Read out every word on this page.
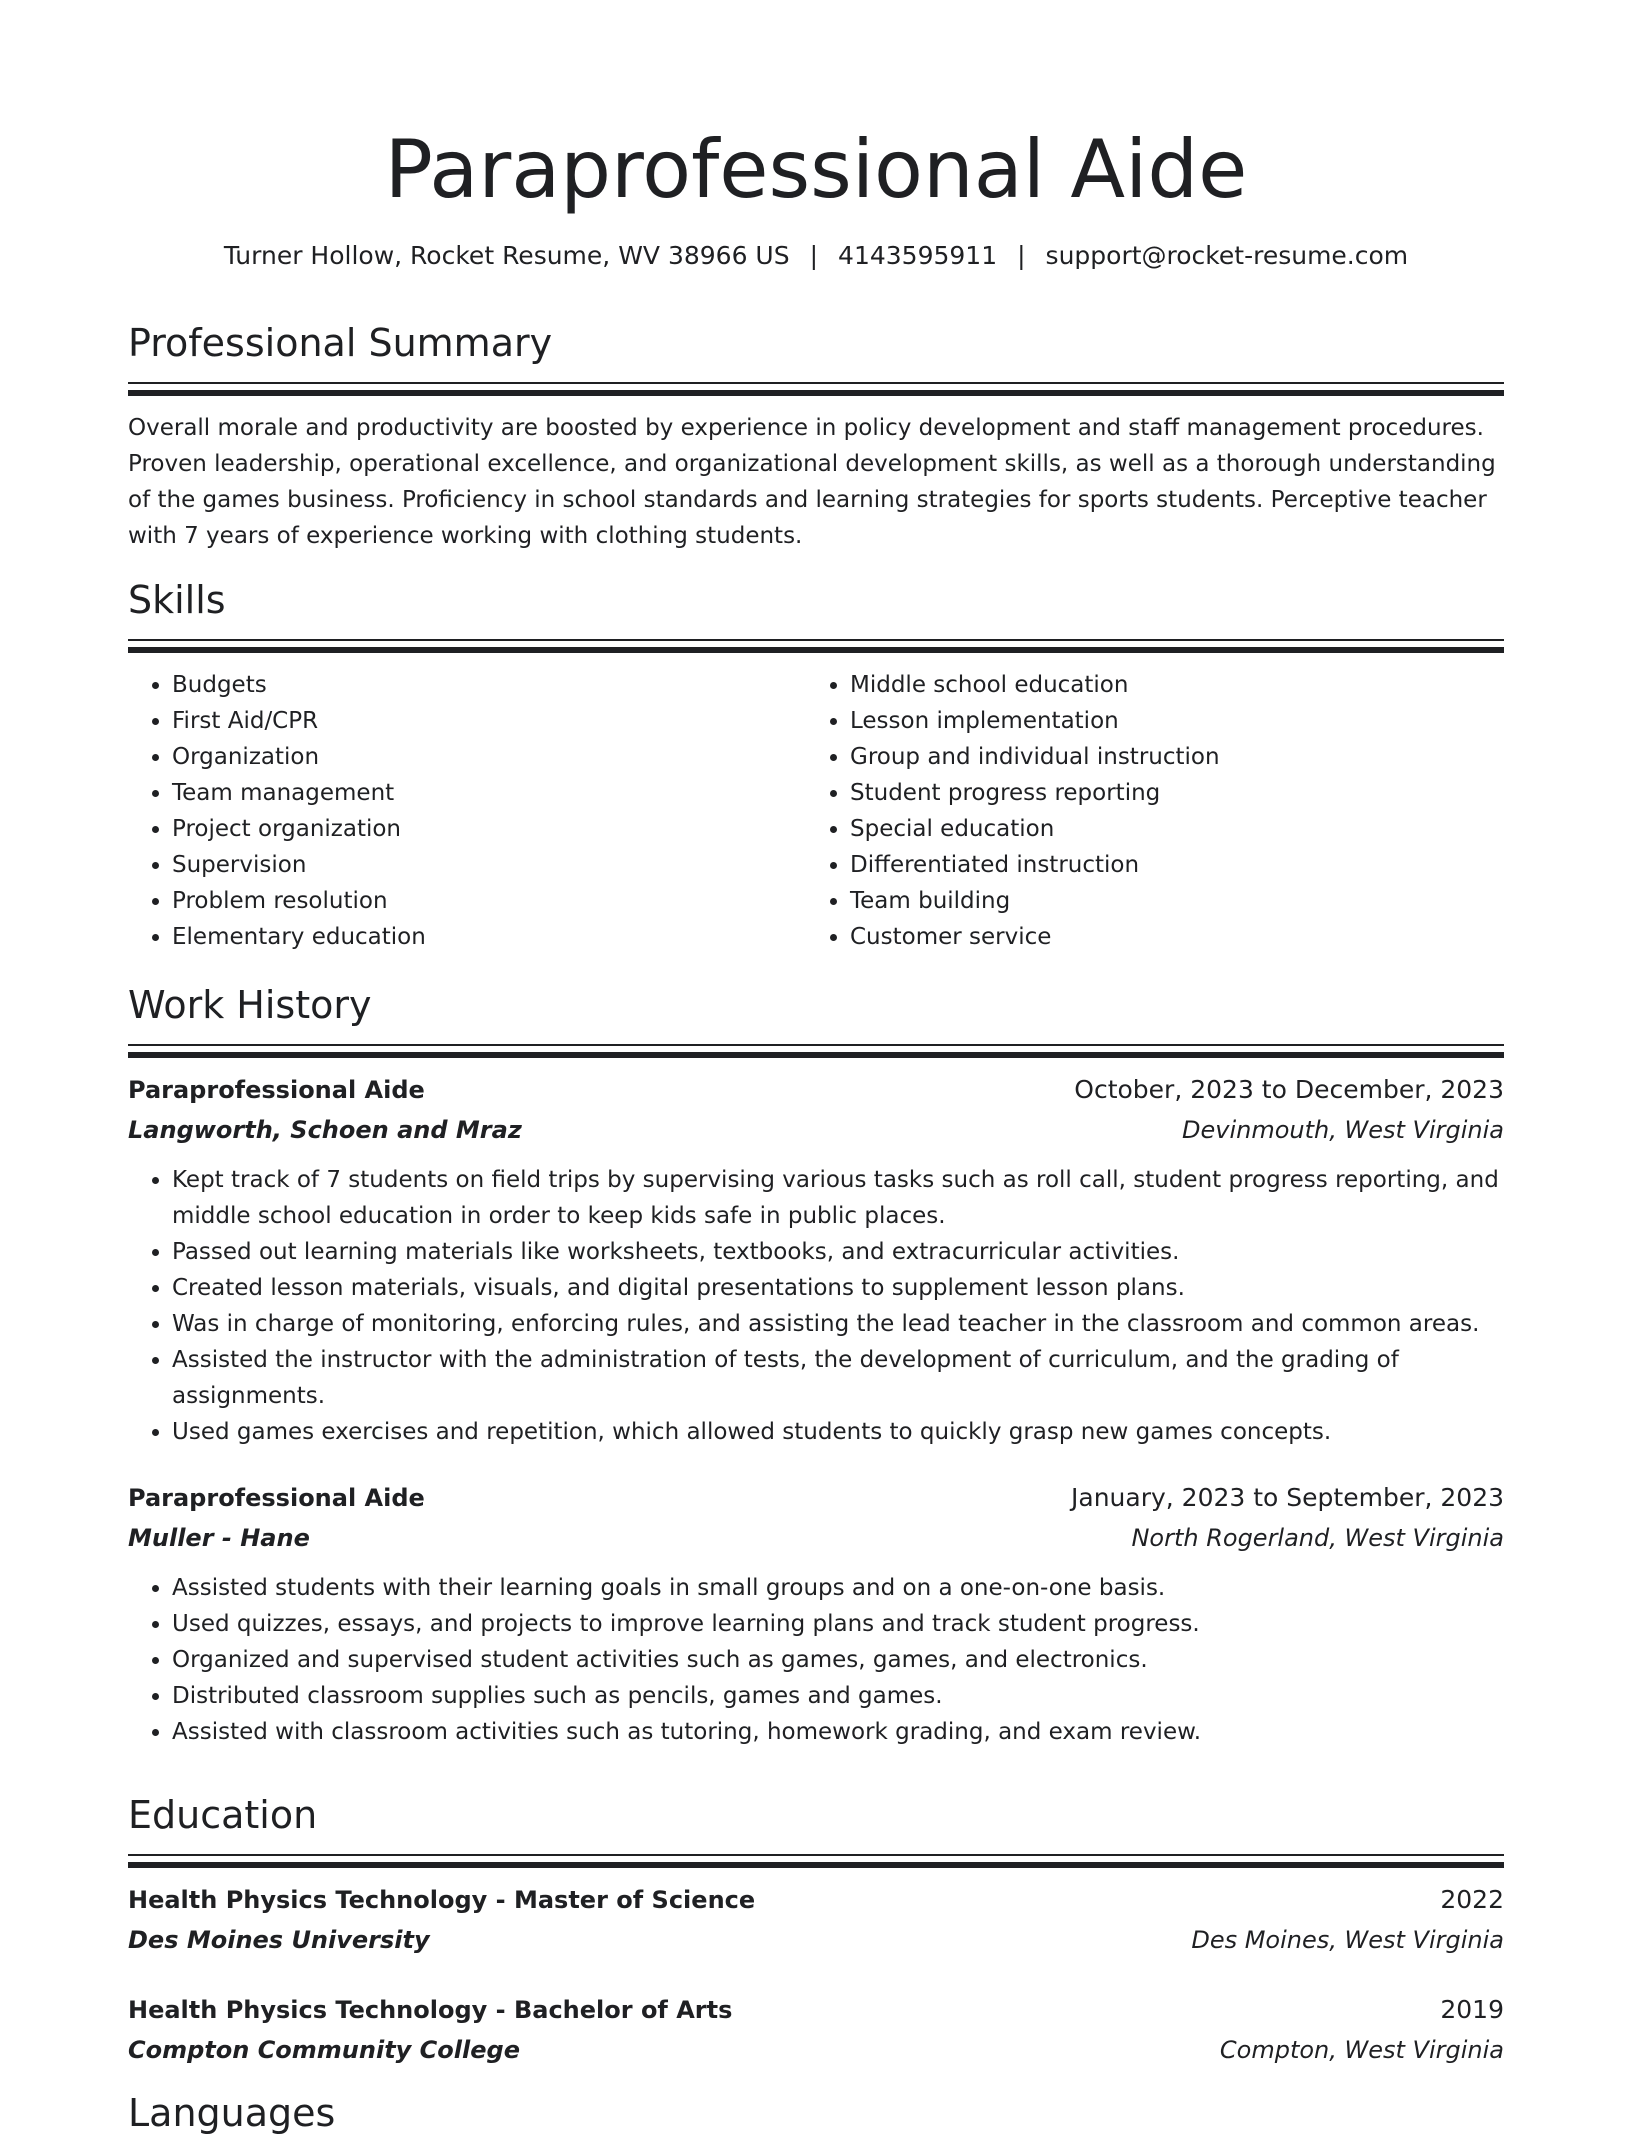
Paraprofessional Aide
Turner Hollow, Rocket Resume, WV 38966 US | 4143595911 | support@rocket-resume.com
Professional Summary

Overall morale and productivity are boosted by experience in policy development and staff management procedures. Proven leadership, operational excellence, and organizational development skills, as well as a thorough understanding of the games business. Proficiency in school standards and learning strategies for sports students. Perceptive teacher with 7 years of experience working with clothing students.

Skills
• Budgets
• First Aid/CPR
• Organization
• Team management
• Project organization
• Supervision
• Problem resolution
• Elementary education
• Middle school education
• Lesson implementation
• Group and individual instruction
• Student progress reporting
• Special education
• Differentiated instruction
• Team building
• Customer service
Work History
Paraprofessional Aide	October, 2023 to December, 2023
Langworth, Schoen and Mraz	Devinmouth, West Virginia
• Kept track of 7 students on field trips by supervising various tasks such as roll call, student progress reporting, and middle school education in order to keep kids safe in public places.
• Passed out learning materials like worksheets, textbooks, and extracurricular activities.
• Created lesson materials, visuals, and digital presentations to supplement lesson plans.
• Was in charge of monitoring, enforcing rules, and assisting the lead teacher in the classroom and common areas.
• Assisted the instructor with the administration of tests, the development of curriculum, and the grading of assignments.
• Used games exercises and repetition, which allowed students to quickly grasp new games concepts.
Paraprofessional Aide	January, 2023 to September, 2023
Muller - Hane	North Rogerland, West Virginia
• Assisted students with their learning goals in small groups and on a one-on-one basis.
• Used quizzes, essays, and projects to improve learning plans and track student progress.
• Organized and supervised student activities such as games, games, and electronics.
• Distributed classroom supplies such as pencils, games and games.
• Assisted with classroom activities such as tutoring, homework grading, and exam review.
Education
Health Physics Technology - Master of Science	2022
Des Moines University	Des Moines, West Virginia
Health Physics Technology - Bachelor of Arts	2019
Compton Community College	Compton, West Virginia
Languages
